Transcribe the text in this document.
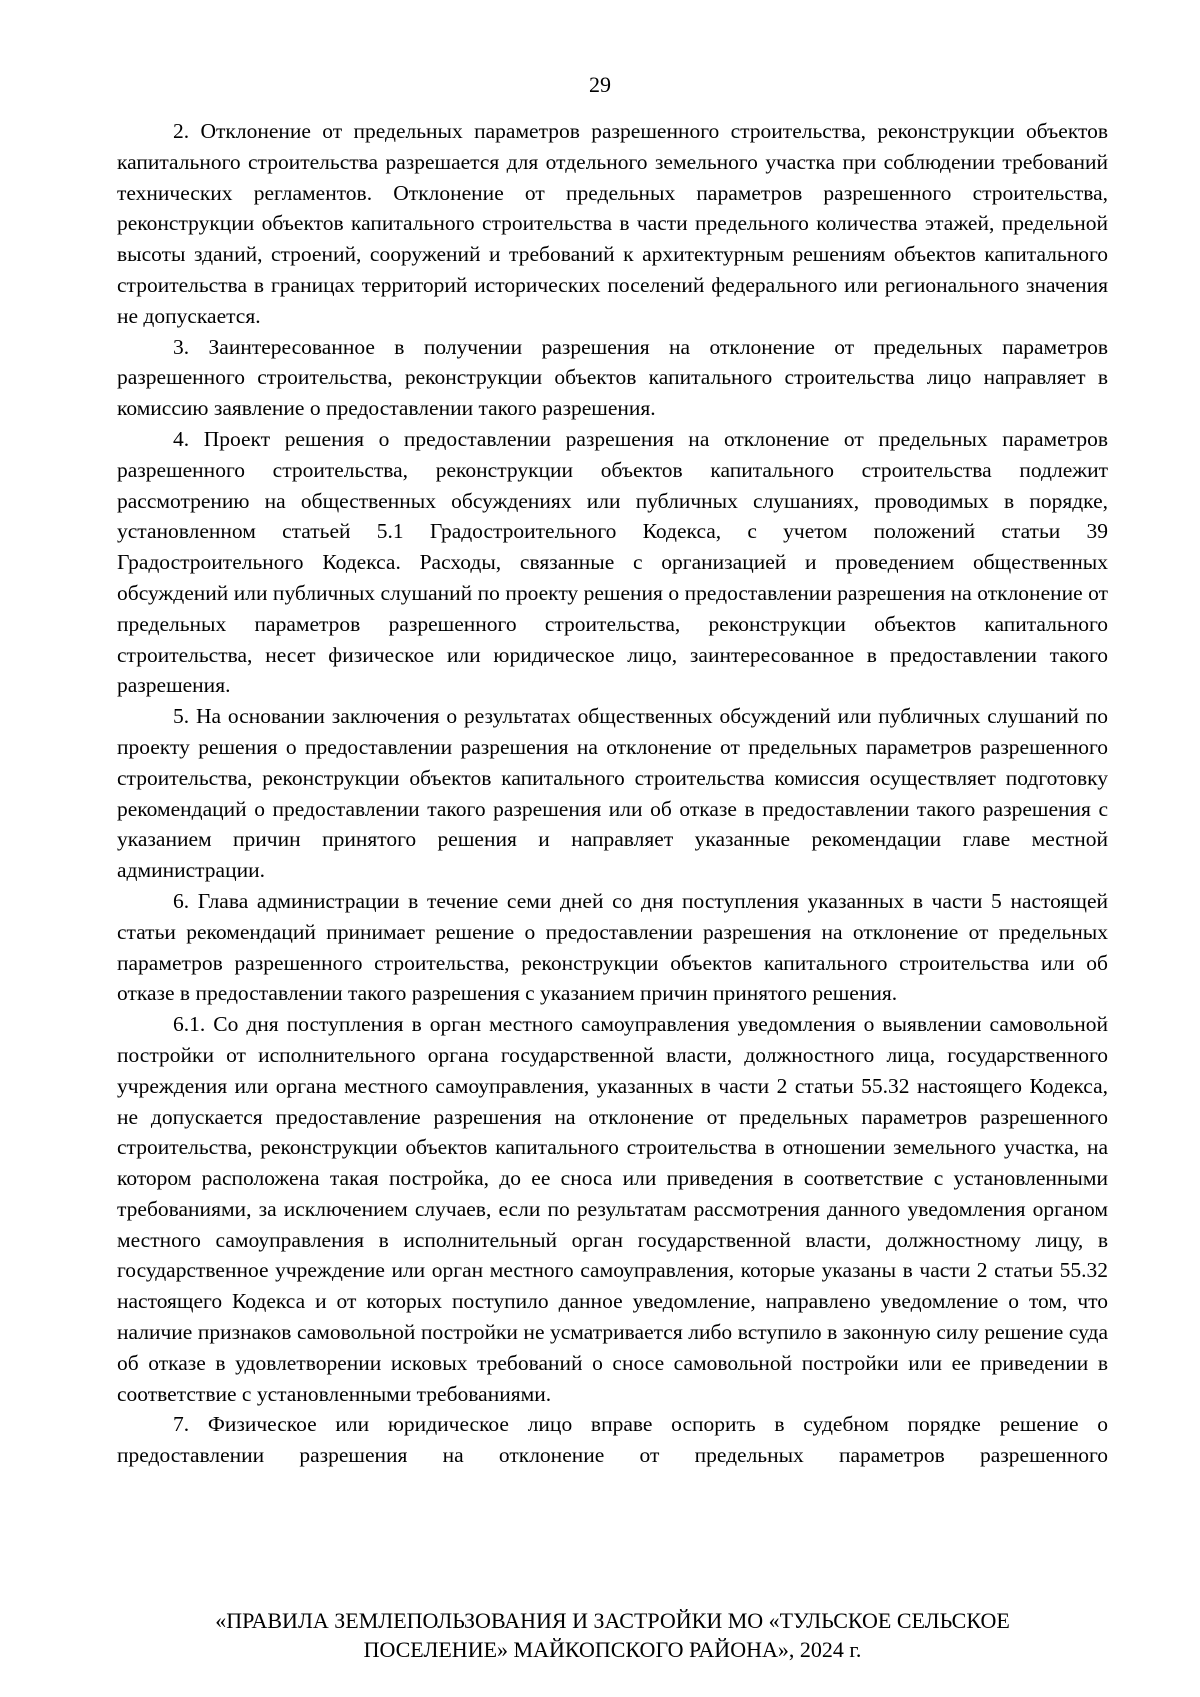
29

2. Отклонение от предельных параметров разрешенного строительства, реконструкции объектов капитального строительства разрешается для отдельного земельного участка при соблюдении требований технических регламентов. Отклонение от предельных параметров разрешенного строительства, реконструкции объектов капитального строительства в части предельного количества этажей, предельной высоты зданий, строений, сооружений и требований к архитектурным решениям объектов капитального строительства в границах территорий исторических поселений федерального или регионального значения не допускается.

3. Заинтересованное в получении разрешения на отклонение от предельных параметров разрешенного строительства, реконструкции объектов капитального строительства лицо направляет в комиссию заявление о предоставлении такого разрешения.

4. Проект решения о предоставлении разрешения на отклонение от предельных параметров разрешенного строительства, реконструкции объектов капитального строительства подлежит рассмотрению на общественных обсуждениях или публичных слушаниях, проводимых в порядке, установленном статьей 5.1 Градостроительного Кодекса, с учетом положений статьи 39 Градостроительного Кодекса. Расходы, связанные с организацией и проведением общественных обсуждений или публичных слушаний по проекту решения о предоставлении разрешения на отклонение от предельных параметров разрешенного строительства, реконструкции объектов капитального строительства, несет физическое или юридическое лицо, заинтересованное в предоставлении такого разрешения.

5. На основании заключения о результатах общественных обсуждений или публичных слушаний по проекту решения о предоставлении разрешения на отклонение от предельных параметров разрешенного строительства, реконструкции объектов капитального строительства комиссия осуществляет подготовку рекомендаций о предоставлении такого разрешения или об отказе в предоставлении такого разрешения с указанием причин принятого решения и направляет указанные рекомендации главе местной администрации.

6. Глава администрации в течение семи дней со дня поступления указанных в части 5 настоящей статьи рекомендаций принимает решение о предоставлении разрешения на отклонение от предельных параметров разрешенного строительства, реконструкции объектов капитального строительства или об отказе в предоставлении такого разрешения с указанием причин принятого решения.

6.1. Со дня поступления в орган местного самоуправления уведомления о выявлении самовольной постройки от исполнительного органа государственной власти, должностного лица, государственного учреждения или органа местного самоуправления, указанных в части 2 статьи 55.32 настоящего Кодекса, не допускается предоставление разрешения на отклонение от предельных параметров разрешенного строительства, реконструкции объектов капитального строительства в отношении земельного участка, на котором расположена такая постройка, до ее сноса или приведения в соответствие с установленными требованиями, за исключением случаев, если по результатам рассмотрения данного уведомления органом местного самоуправления в исполнительный орган государственной власти, должностному лицу, в государственное учреждение или орган местного самоуправления, которые указаны в части 2 статьи 55.32 настоящего Кодекса и от которых поступило данное уведомление, направлено уведомление о том, что наличие признаков самовольной постройки не усматривается либо вступило в законную силу решение суда об отказе в удовлетворении исковых требований о сносе самовольной постройки или ее приведении в соответствие с установленными требованиями.

7. Физическое или юридическое лицо вправе оспорить в судебном порядке решение о предоставлении разрешения на отклонение от предельных параметров разрешенного

«ПРАВИЛА ЗЕМЛЕПОЛЬЗОВАНИЯ И ЗАСТРОЙКИ МО «ТУЛЬСКОЕ СЕЛЬСКОЕ
ПОСЕЛЕНИЕ» МАЙКОПСКОГО РАЙОНА», 2024 г.
